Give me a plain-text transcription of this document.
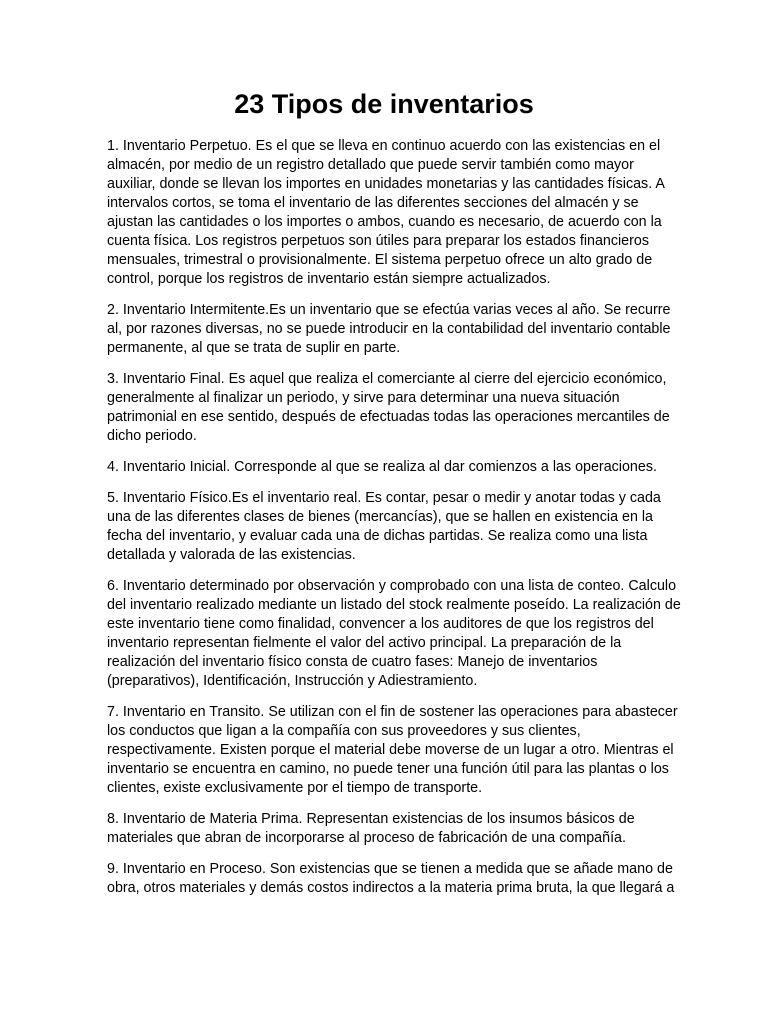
23 Tipos de inventarios

1. Inventario Perpetuo. Es el que se lleva en continuo acuerdo con las existencias en el
almacén, por medio de un registro detallado que puede servir también como mayor
auxiliar, donde se llevan los importes en unidades monetarias y las cantidades físicas. A
intervalos cortos, se toma el inventario de las diferentes secciones del almacén y se
ajustan las cantidades o los importes o ambos, cuando es necesario, de acuerdo con la
cuenta física. Los registros perpetuos son útiles para preparar los estados financieros
mensuales, trimestral o provisionalmente. El sistema perpetuo ofrece un alto grado de
control, porque los registros de inventario están siempre actualizados.

2. Inventario Intermitente.Es un inventario que se efectúa varias veces al año. Se recurre
al, por razones diversas, no se puede introducir en la contabilidad del inventario contable
permanente, al que se trata de suplir en parte.

3. Inventario Final. Es aquel que realiza el comerciante al cierre del ejercicio económico,
generalmente al finalizar un periodo, y sirve para determinar una nueva situación
patrimonial en ese sentido, después de efectuadas todas las operaciones mercantiles de
dicho periodo.

4. Inventario Inicial. Corresponde al que se realiza al dar comienzos a las operaciones.

5. Inventario Físico.Es el inventario real. Es contar, pesar o medir y anotar todas y cada
una de las diferentes clases de bienes (mercancías), que se hallen en existencia en la
fecha del inventario, y evaluar cada una de dichas partidas. Se realiza como una lista
detallada y valorada de las existencias.

6. Inventario determinado por observación y comprobado con una lista de conteo. Calculo
del inventario realizado mediante un listado del stock realmente poseído. La realización de
este inventario tiene como finalidad, convencer a los auditores de que los registros del
inventario representan fielmente el valor del activo principal. La preparación de la
realización del inventario físico consta de cuatro fases: Manejo de inventarios
(preparativos), Identificación, Instrucción y Adiestramiento.

7. Inventario en Transito. Se utilizan con el fin de sostener las operaciones para abastecer
los conductos que ligan a la compañía con sus proveedores y sus clientes,
respectivamente. Existen porque el material debe moverse de un lugar a otro. Mientras el
inventario se encuentra en camino, no puede tener una función útil para las plantas o los
clientes, existe exclusivamente por el tiempo de transporte.

8. Inventario de Materia Prima. Representan existencias de los insumos básicos de
materiales que abran de incorporarse al proceso de fabricación de una compañía.

9. Inventario en Proceso. Son existencias que se tienen a medida que se añade mano de
obra, otros materiales y demás costos indirectos a la materia prima bruta, la que llegará a
